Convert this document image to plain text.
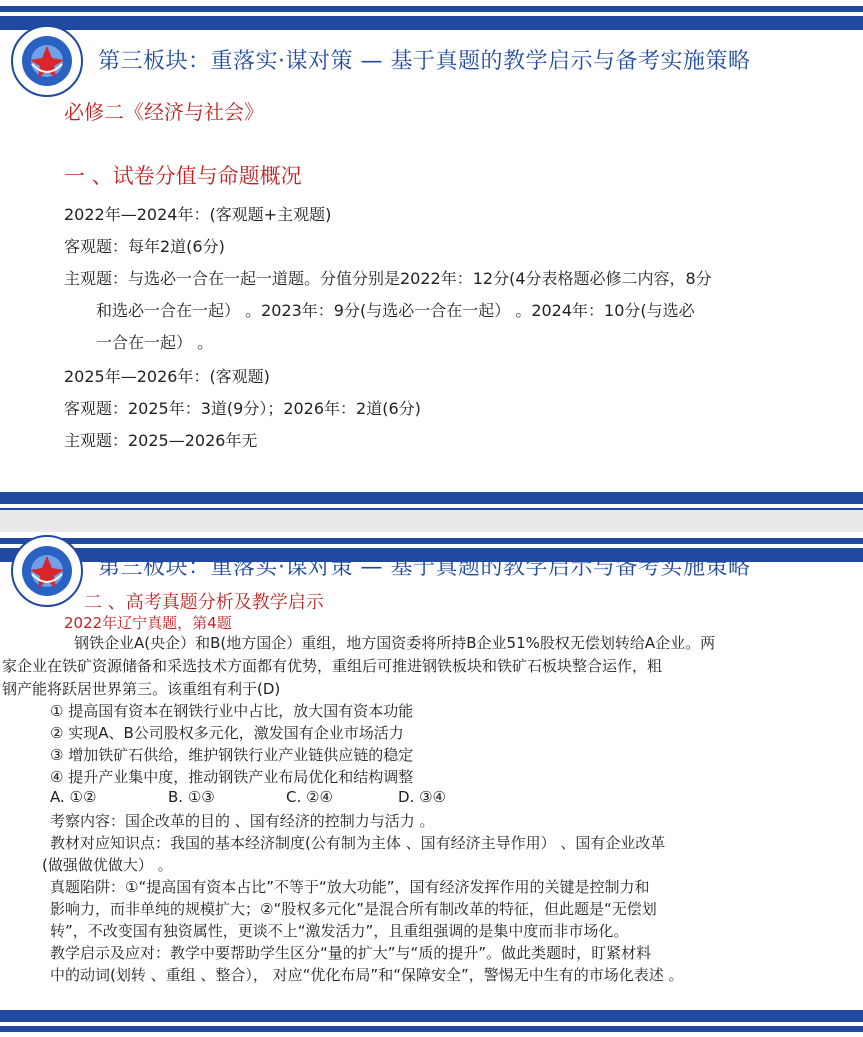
第三板块：重落实·谋对策 — 基于真题的教学启示与备考实施策略
必修二《经济与社会》
一 、试卷分值与命题概况
2022年—2024年：(客观题+主观题)
客观题：每年2道(6分)
主观题：与选必一合在一起一道题。分值分别是2022年：12分(4分表格题必修二内容，8分
和选必一合在一起） 。2023年：9分(与选必一合在一起） 。2024年：10分(与选必
一合在一起） 。
2025年—2026年：(客观题)
客观题：2025年：3道(9分）；2026年：2道(6分)
主观题：2025—2026年无
第三板块：重落实·谋对策 — 基于真题的教学启示与备考实施策略
二 、高考真题分析及教学启示
2022年辽宁真题，第4题
钢铁企业A(央企）和B(地方国企）重组，地方国资委将所持B企业51%股权无偿划转给A企业。两
家企业在铁矿资源储备和采选技术方面都有优势，重组后可推进钢铁板块和铁矿石板块整合运作，粗
钢产能将跃居世界第三。该重组有利于(D)
① 提高国有资本在钢铁行业中占比，放大国有资本功能
② 实现A、B公司股权多元化，激发国有企业市场活力
③ 增加铁矿石供给，维护钢铁行业产业链供应链的稳定
④ 提升产业集中度，推动钢铁产业布局优化和结构调整
A. ①②	B. ①③	C. ②④	D. ③④
考察内容：国企改革的目的 、国有经济的控制力与活力 。
教材对应知识点：我国的基本经济制度(公有制为主体 、国有经济主导作用） 、国有企业改革
(做强做优做大） 。
真题陷阱：①“提高国有资本占比”不等于“放大功能”，国有经济发挥作用的关键是控制力和
影响力，而非单纯的规模扩大；②“股权多元化”是混合所有制改革的特征，但此题是“无偿划
转”，不改变国有独资属性，更谈不上“激发活力”，且重组强调的是集中度而非市场化。
教学启示及应对：教学中要帮助学生区分“量的扩大”与“质的提升”。做此类题时，盯紧材料
中的动词(划转 、重组 、整合）， 对应“优化布局”和“保障安全”，警惕无中生有的市场化表述 。
